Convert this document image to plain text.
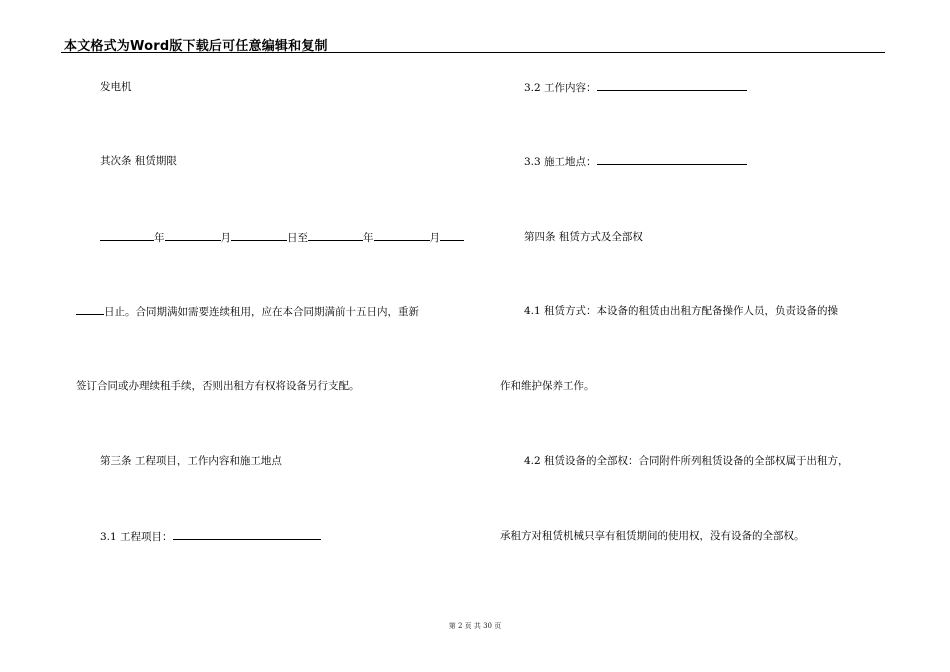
本文格式为Word版下载后可任意编辑和复制
发电机
其次条 租赁期限
年	月	日至	年	月
日止。合同期满如需要连续租用，应在本合同期满前十五日内，重新
签订合同或办理续租手续，否则出租方有权将设备另行支配。
第三条 工程项目，工作内容和施工地点
3.1 工程项目：
3.2 工作内容：
3.3 施工地点：
第四条 租赁方式及全部权
4.1 租赁方式：本设备的租赁由出租方配备操作人员，负责设备的操
作和维护保养工作。
4.2 租赁设备的全部权：合同附件所列租赁设备的全部权属于出租方，
承租方对租赁机械只享有租赁期间的使用权，没有设备的全部权。
第 2 页 共 30 页
